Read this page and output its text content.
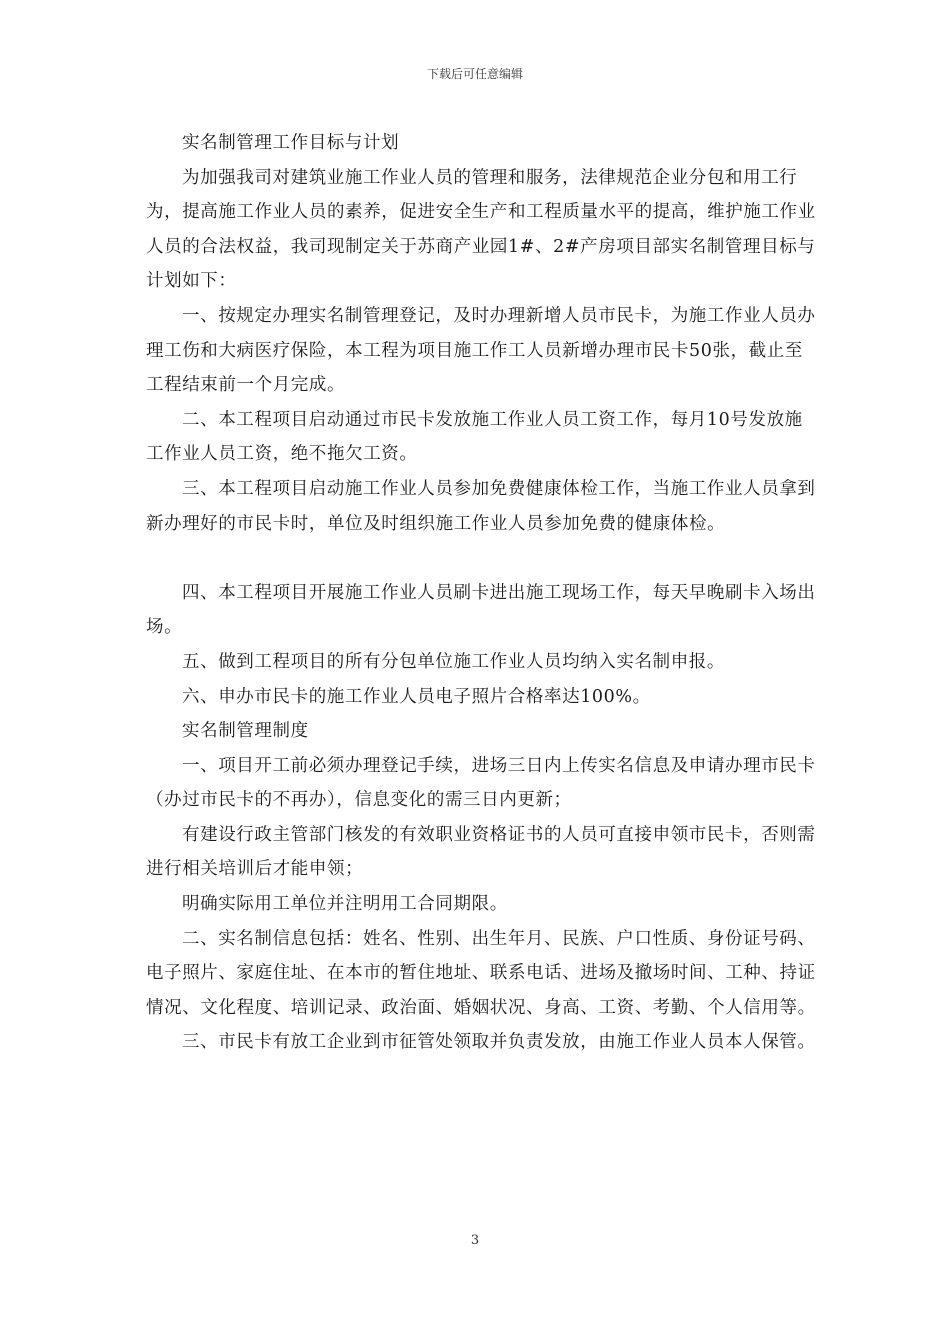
下载后可任意编辑

实名制管理工作目标与计划

为加强我司对建筑业施工作业人员的管理和服务，法律规范企业分包和用工行为，提高施工作业人员的素养，促进安全生产和工程质量水平的提高，维护施工作业人员的合法权益，我司现制定关于苏商产业园1#、2#产房项目部实名制管理目标与计划如下：

一、按规定办理实名制管理登记，及时办理新增人员市民卡，为施工作业人员办理工伤和大病医疗保险，本工程为项目施工作工人员新增办理市民卡50张，截止至工程结束前一个月完成。

二、本工程项目启动通过市民卡发放施工作业人员工资工作，每月10号发放施工作业人员工资，绝不拖欠工资。

三、本工程项目启动施工作业人员参加免费健康体检工作，当施工作业人员拿到新办理好的市民卡时，单位及时组织施工作业人员参加免费的健康体检。

四、本工程项目开展施工作业人员刷卡进出施工现场工作，每天早晚刷卡入场出场。

五、做到工程项目的所有分包单位施工作业人员均纳入实名制申报。

六、申办市民卡的施工作业人员电子照片合格率达100%。

实名制管理制度

一、项目开工前必须办理登记手续，进场三日内上传实名信息及申请办理市民卡（办过市民卡的不再办），信息变化的需三日内更新；

有建设行政主管部门核发的有效职业资格证书的人员可直接申领市民卡，否则需进行相关培训后才能申领；

明确实际用工单位并注明用工合同期限。

二、实名制信息包括：姓名、性别、出生年月、民族、户口性质、身份证号码、电子照片、家庭住址、在本市的暂住地址、联系电话、进场及撤场时间、工种、持证情况、文化程度、培训记录、政治面、婚姻状况、身高、工资、考勤、个人信用等。

三、市民卡有放工企业到市征管处领取并负责发放，由施工作业人员本人保管。

3
